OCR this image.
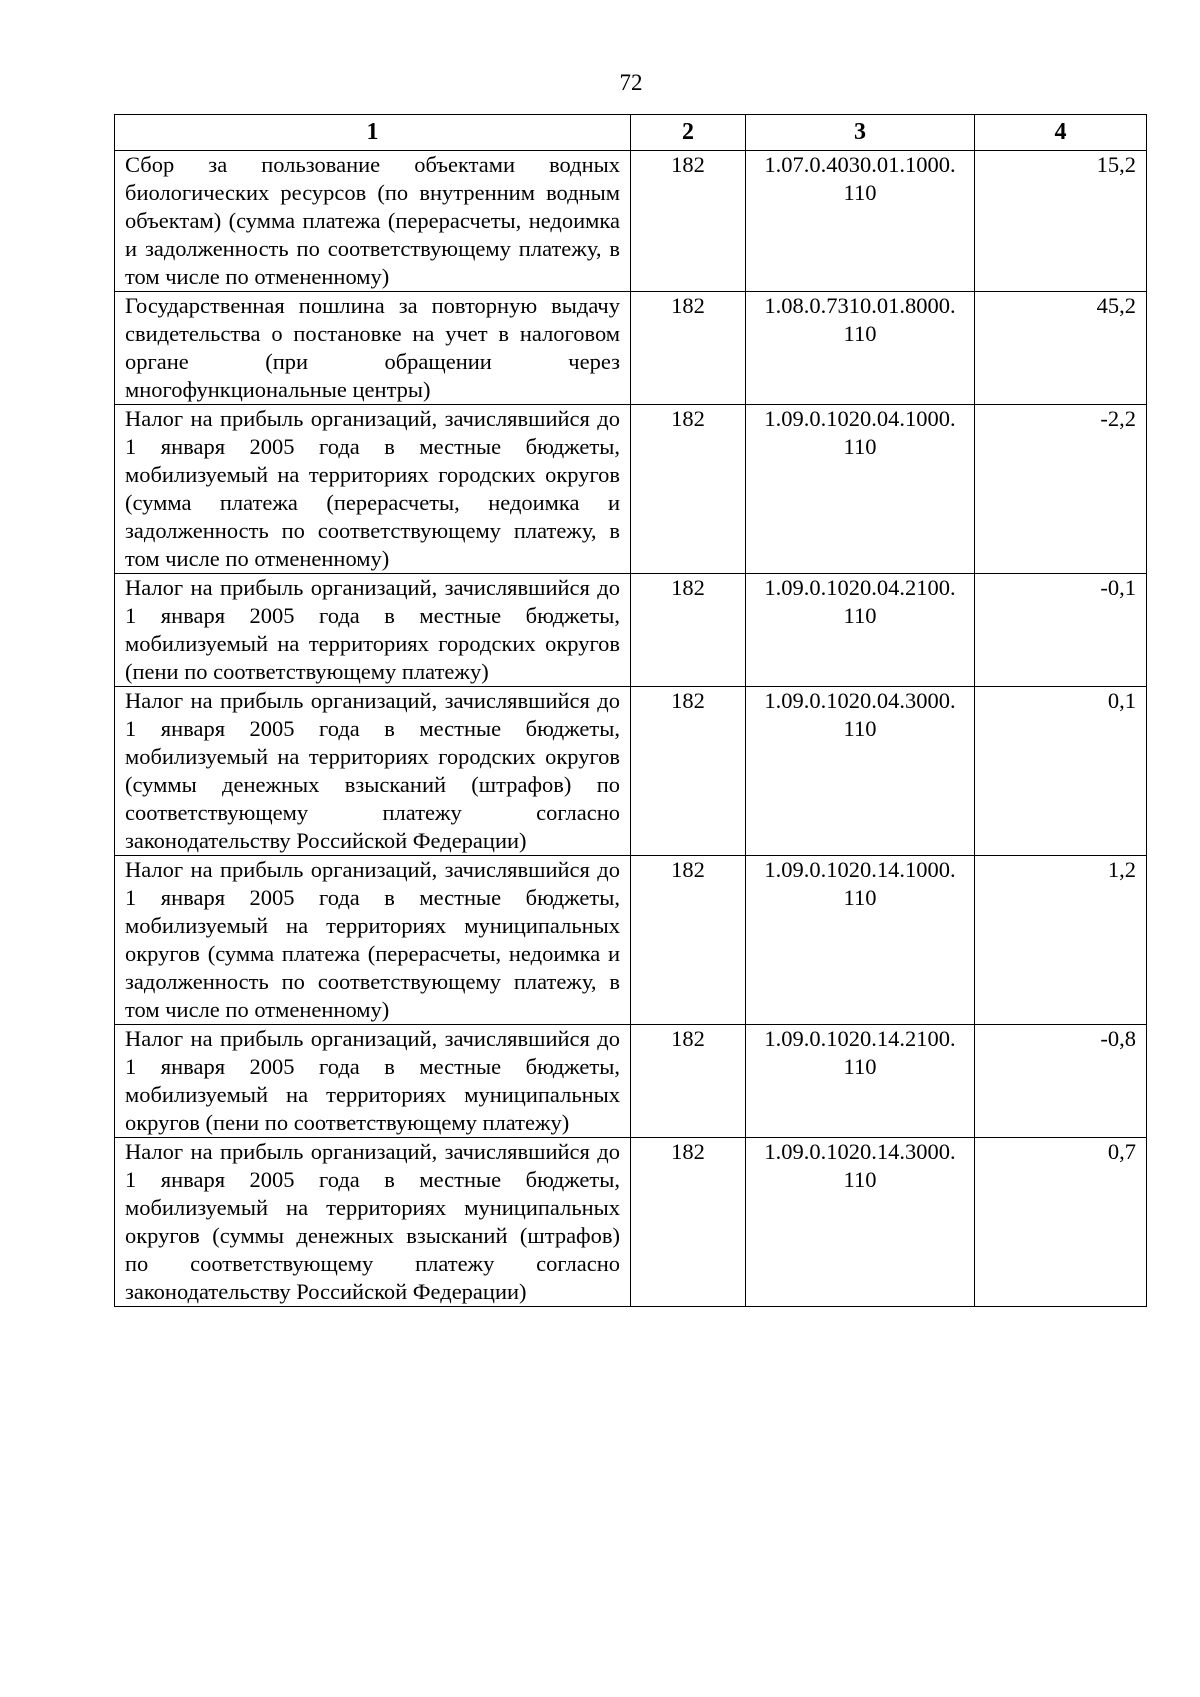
72
1	2	3	4
Сбор за пользование объектами водных биологических ресурсов (по внутренним водным объектам) (сумма платежа (перерасчеты, недоимка и задолженность по соответствующему платежу, в том числе по отмененному)	182	1.07.0.4030.01.1000. 110	15,2
Государственная пошлина за повторную выдачу свидетельства о постановке на учет в налоговом органе (при обращении через многофункциональные центры)	182	1.08.0.7310.01.8000. 110	45,2
Налог на прибыль организаций, зачислявшийся до 1 января 2005 года в местные бюджеты, мобилизуемый на территориях городских округов (сумма платежа (перерасчеты, недоимка и задолженность по соответствующему платежу, в том числе по отмененному)	182	1.09.0.1020.04.1000. 110	-2,2
Налог на прибыль организаций, зачислявшийся до 1 января 2005 года в местные бюджеты, мобилизуемый на территориях городских округов (пени по соответствующему платежу)	182	1.09.0.1020.04.2100. 110	-0,1
Налог на прибыль организаций, зачислявшийся до 1 января 2005 года в местные бюджеты, мобилизуемый на территориях городских округов (суммы денежных взысканий (штрафов) по соответствующему платежу согласно законодательству Российской Федерации)	182	1.09.0.1020.04.3000. 110	0,1
Налог на прибыль организаций, зачислявшийся до 1 января 2005 года в местные бюджеты, мобилизуемый на территориях муниципальных округов (сумма платежа (перерасчеты, недоимка и задолженность по соответствующему платежу, в том числе по отмененному)	182	1.09.0.1020.14.1000. 110	1,2
Налог на прибыль организаций, зачислявшийся до 1 января 2005 года в местные бюджеты, мобилизуемый на территориях муниципальных округов (пени по соответствующему платежу)	182	1.09.0.1020.14.2100. 110	-0,8
Налог на прибыль организаций, зачислявшийся до 1 января 2005 года в местные бюджеты, мобилизуемый на территориях муниципальных округов (суммы денежных взысканий (штрафов) по соответствующему платежу согласно законодательству Российской Федерации)	182	1.09.0.1020.14.3000. 110	0,7
